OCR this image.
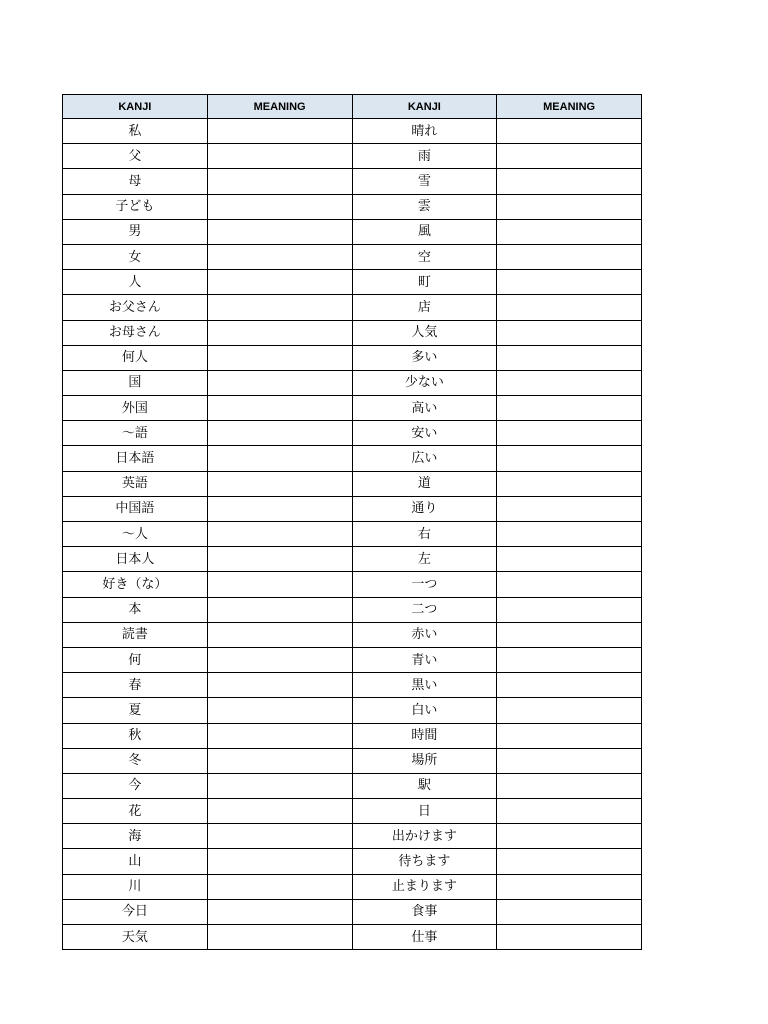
KANJI	MEANING	KANJI	MEANING
私		晴れ	
父		雨	
母		雪	
子ども		雲	
男		風	
女		空	
人		町	
お父さん		店	
お母さん		人気	
何人		多い	
国		少ない	
外国		高い	
～語		安い	
日本語		広い	
英語		道	
中国語		通り	
～人		右	
日本人		左	
好き（な）		一つ	
本		二つ	
読書		赤い	
何		青い	
春		黒い	
夏		白い	
秋		時間	
冬		場所	
今		駅	
花		日	
海		出かけます	
山		待ちます	
川		止まります	
今日		食事	
天気		仕事	
